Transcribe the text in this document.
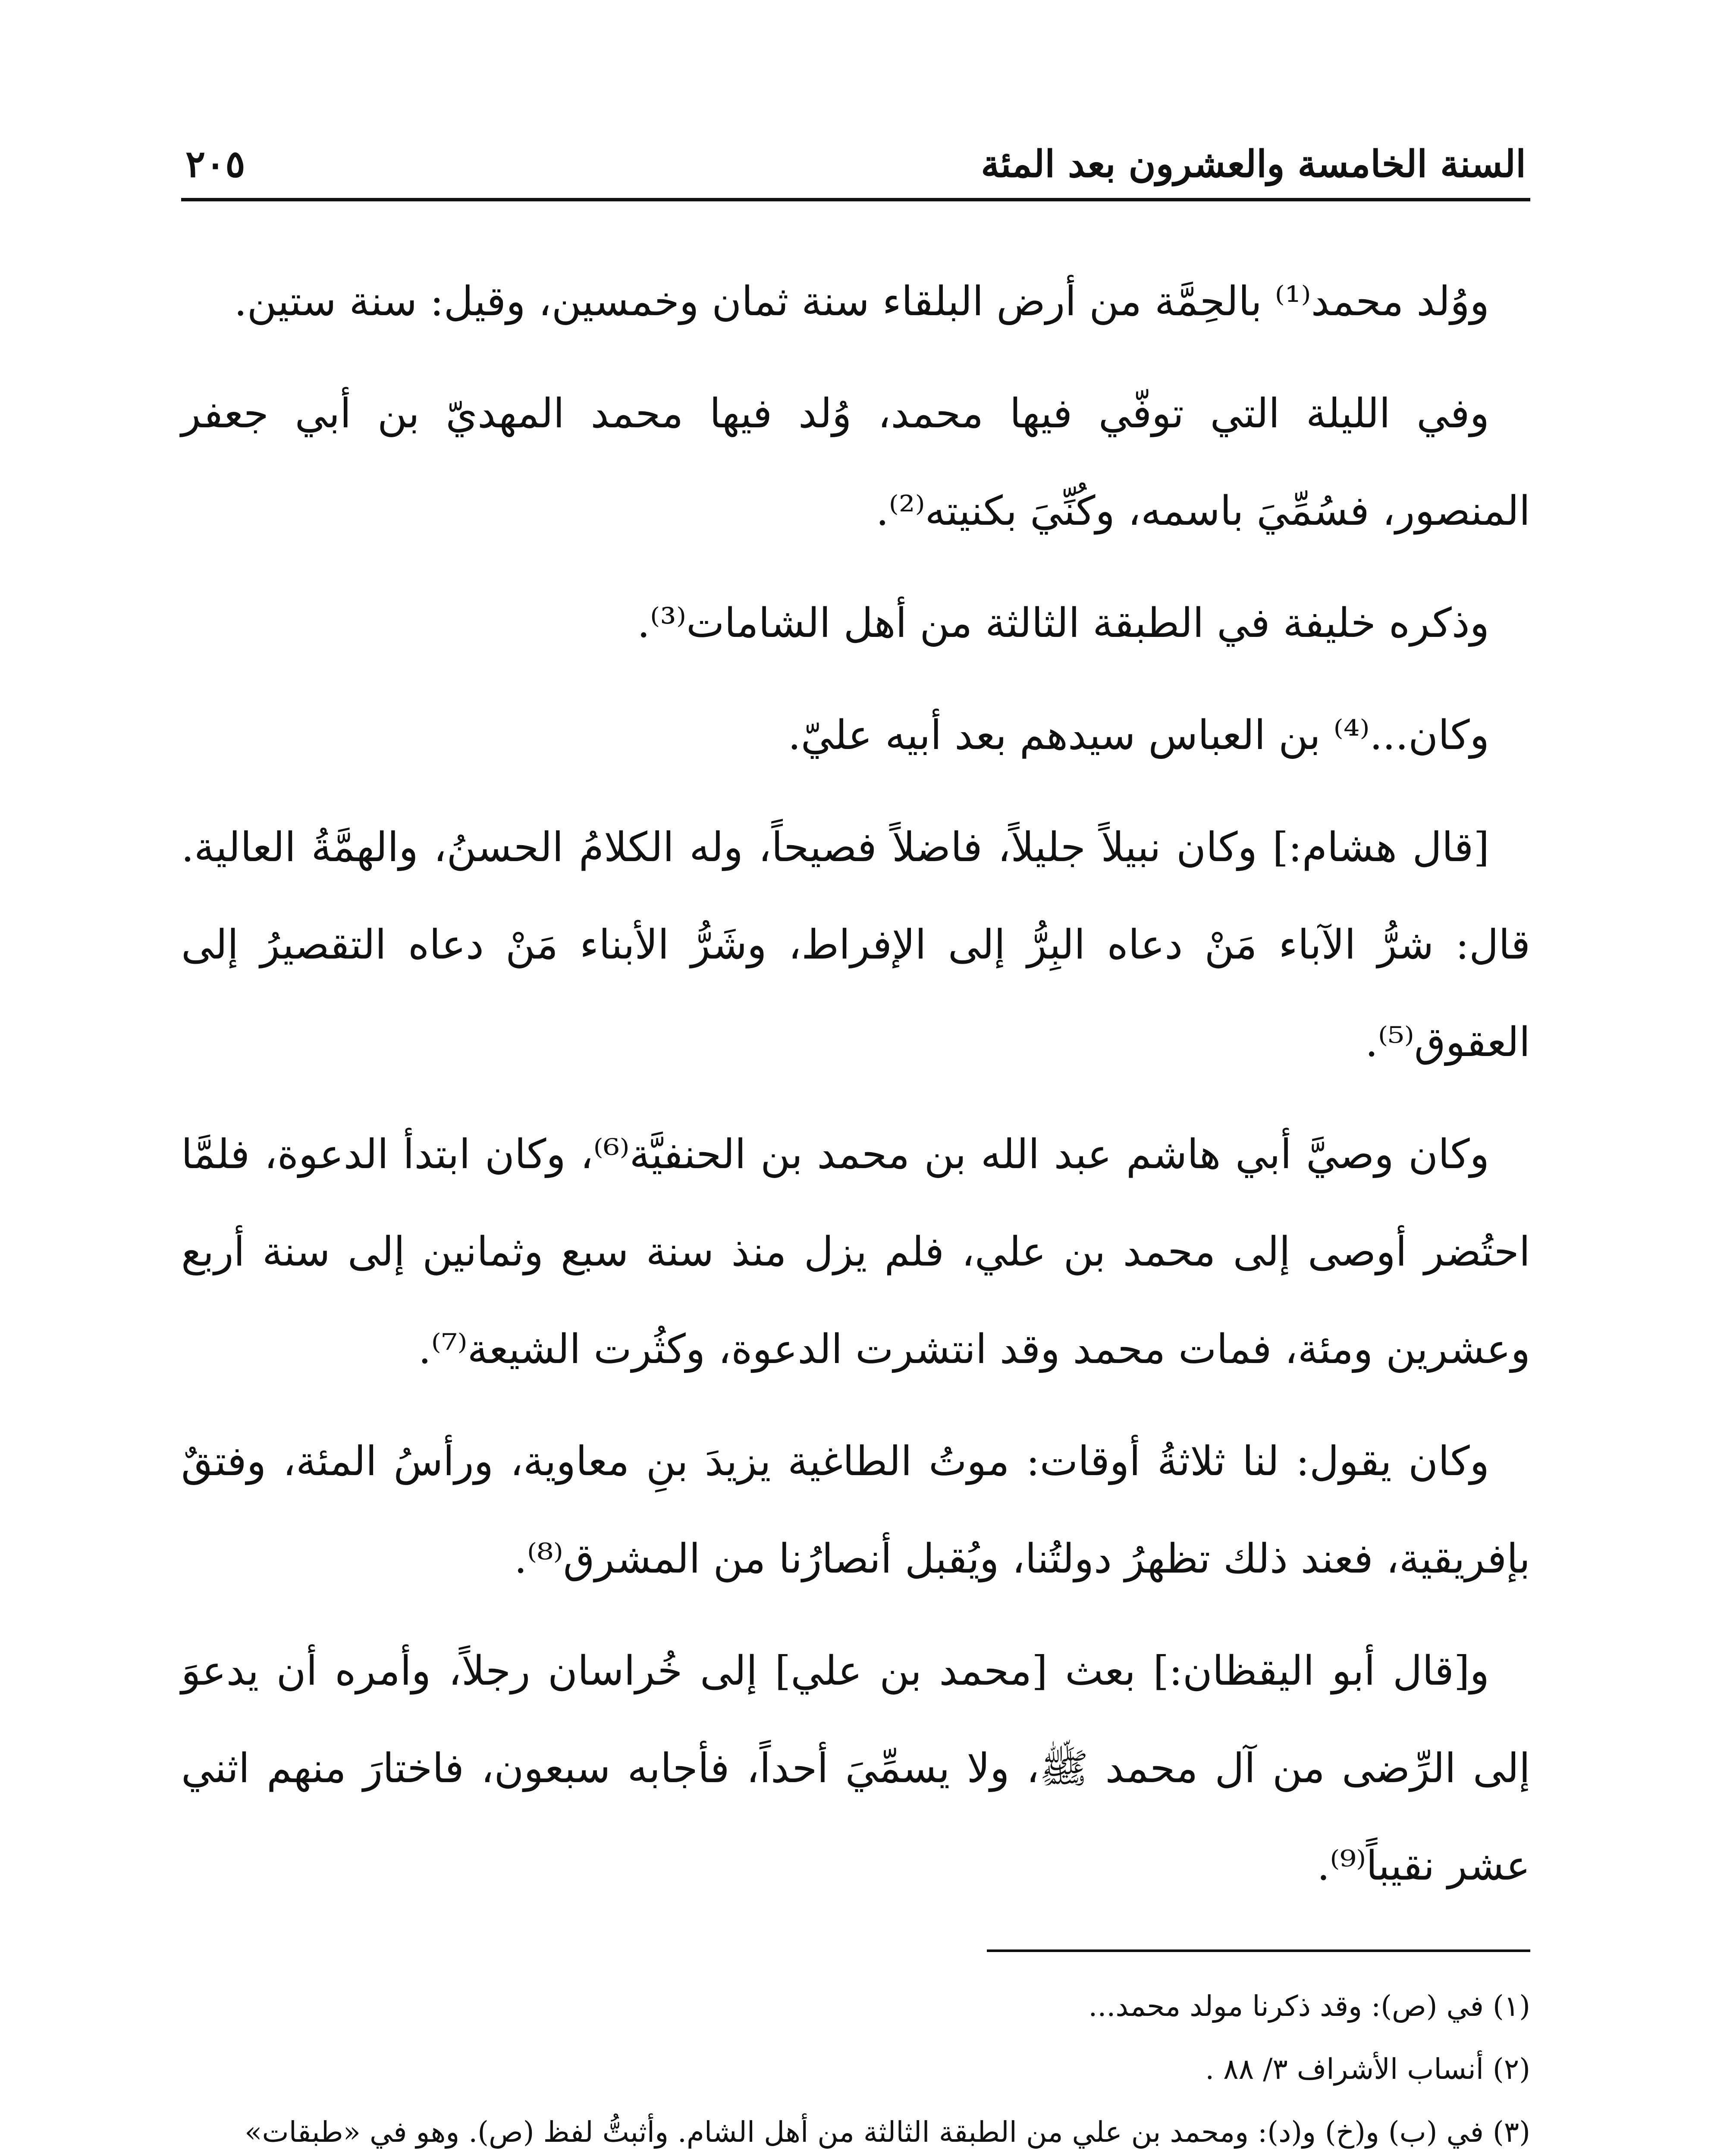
السنة الخامسة والعشرون بعد المئة
٢٠٥

ووُلد محمد⁽¹⁾ بالحِمَّة من أرض البلقاء سنة ثمان وخمسين، وقيل: سنة ستين.

وفي الليلة التي توفّي فيها محمد، وُلد فيها محمد المهديّ بن أبي جعفر المنصور، فسُمِّيَ باسمه، وكُنِّيَ بكنيته⁽²⁾.

وذكره خليفة في الطبقة الثالثة من أهل الشامات⁽³⁾.

وكان...⁽⁴⁾ بن العباس سيدهم بعد أبيه عليّ.

[قال هشام:] وكان نبيلاً جليلاً، فاضلاً فصيحاً، وله الكلامُ الحسنُ، والهمَّةُ العالية. قال: شرُّ الآباء مَنْ دعاه البِرُّ إلى الإفراط، وشَرُّ الأبناء مَنْ دعاه التقصيرُ إلى العقوق⁽⁵⁾.

وكان وصيَّ أبي هاشم عبد الله بن محمد بن الحنفيَّة⁽⁶⁾، وكان ابتدأ الدعوة، فلمَّا احتُضر أوصى إلى محمد بن علي، فلم يزل منذ سنة سبع وثمانين إلى سنة أربع وعشرين ومئة، فمات محمد وقد انتشرت الدعوة، وكثُرت الشيعة⁽⁷⁾.

وكان يقول: لنا ثلاثةُ أوقات: موتُ الطاغية يزيدَ بنِ معاوية، ورأسُ المئة، وفتقٌ بإفريقية، فعند ذلك تظهرُ دولتُنا، ويُقبل أنصارُنا من المشرق⁽⁸⁾.

و[قال أبو اليقظان:] بعث [محمد بن علي] إلى خُراسان رجلاً، وأمره أن يدعوَ إلى الرِّضى من آل محمد ﷺ، ولا يسمِّيَ أحداً، فأجابه سبعون، فاختارَ منهم اثني عشر نقيباً⁽⁹⁾.

(١) في (ص): وقد ذكرنا مولد محمد...
(٢) أنساب الأشراف ٣/ ٨٨ .
(٣) في (ب) و(خ) و(د): ومحمد بن علي من الطبقة الثالثة من أهل الشام. وأثبتُّ لفظ (ص). وهو في «طبقات»
